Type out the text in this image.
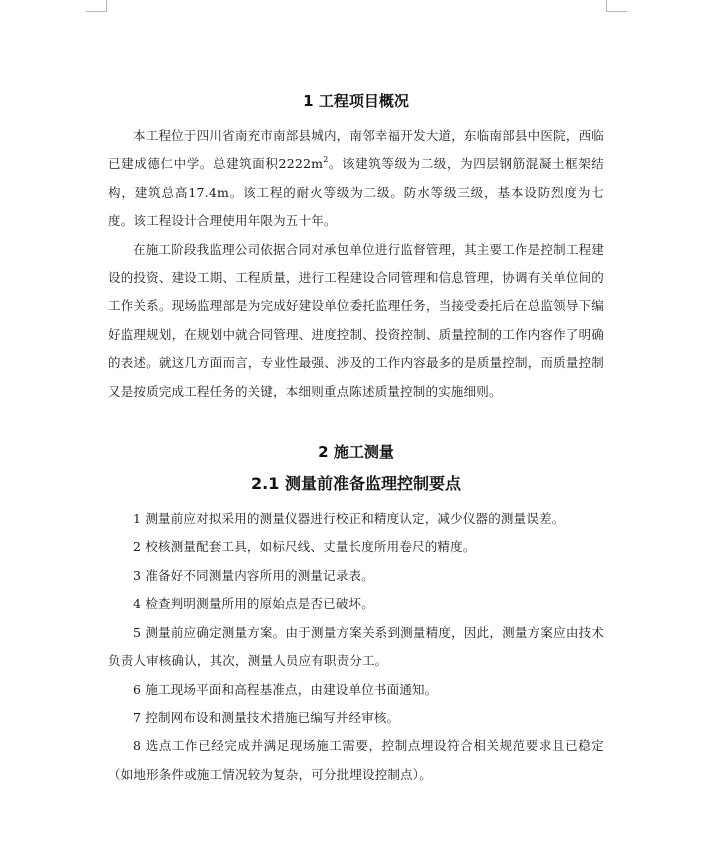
1 工程项目概况

本工程位于四川省南充市南部县城内，南邻幸福开发大道，东临南部县中医院，西临已建成德仁中学。总建筑面积$2222m^2$。该建筑等级为二级，为四层钢筋混凝土框架结构，建筑总高17.4m。该工程的耐火等级为二级。防水等级三级，基本设防烈度为七度。该工程设计合理使用年限为五十年。

在施工阶段我监理公司依据合同对承包单位进行监督管理，其主要工作是控制工程建设的投资、建设工期、工程质量，进行工程建设合同管理和信息管理，协调有关单位间的工作关系。现场监理部是为完成好建设单位委托监理任务，当接受委托后在总监领导下编好监理规划，在规划中就合同管理、进度控制、投资控制、质量控制的工作内容作了明确的表述。就这几方面而言，专业性最强、涉及的工作内容最多的是质量控制，而质量控制又是按质完成工程任务的关键，本细则重点陈述质量控制的实施细则。

2 施工测量
2.1 测量前准备监理控制要点

1 测量前应对拟采用的测量仪器进行校正和精度认定，减少仪器的测量误差。

2 校核测量配套工具，如标尺线、丈量长度所用卷尺的精度。

3 准备好不同测量内容所用的测量记录表。

4 检查判明测量所用的原始点是否已破坏。

5 测量前应确定测量方案。由于测量方案关系到测量精度，因此，测量方案应由技术负责人审核确认，其次，测量人员应有职责分工。

6 施工现场平面和高程基准点，由建设单位书面通知。

7 控制网布设和测量技术措施已编写并经审核。

8 选点工作已经完成并满足现场施工需要，控制点埋设符合相关规范要求且已稳定（如地形条件或施工情况较为复杂，可分批埋设控制点）。
